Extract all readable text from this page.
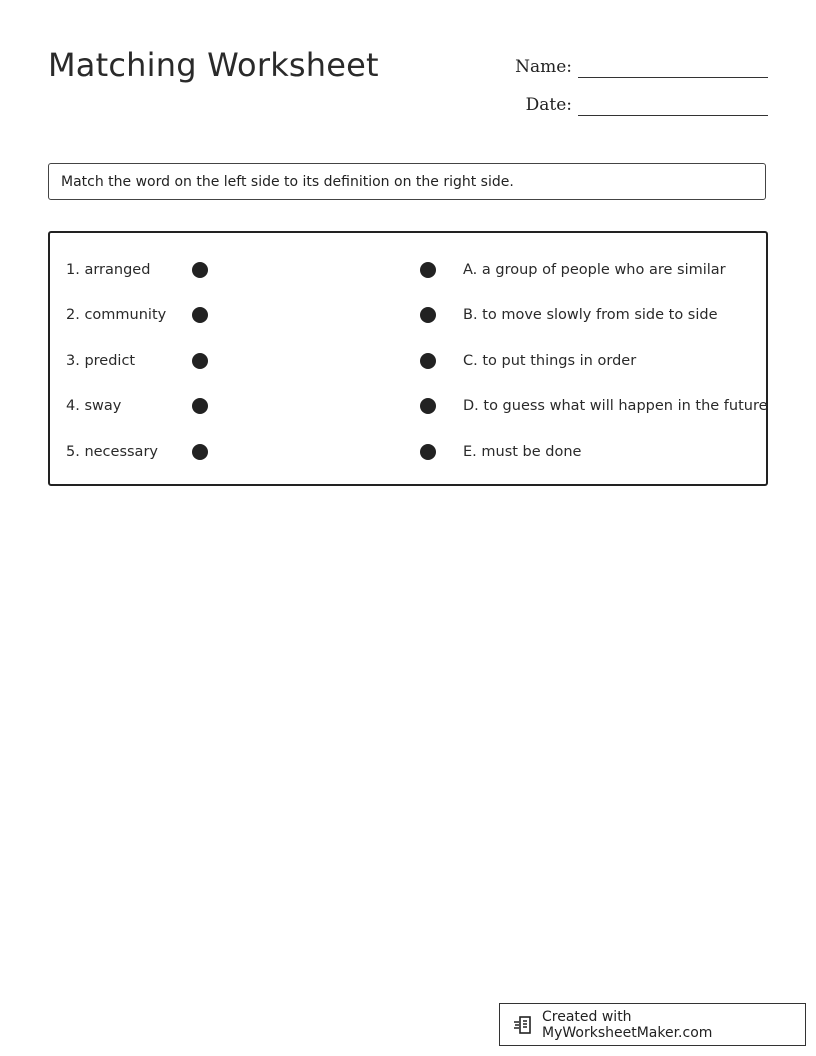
Matching Worksheet	Name:
Date:
Match the word on the left side to its definition on the right side.
1. arranged	A. a group of people who are similar
2. community	B. to move slowly from side to side
3. predict	C. to put things in order
4. sway	D. to guess what will happen in the future
5. necessary	E. must be done
Created with MyWorksheetMaker.com
